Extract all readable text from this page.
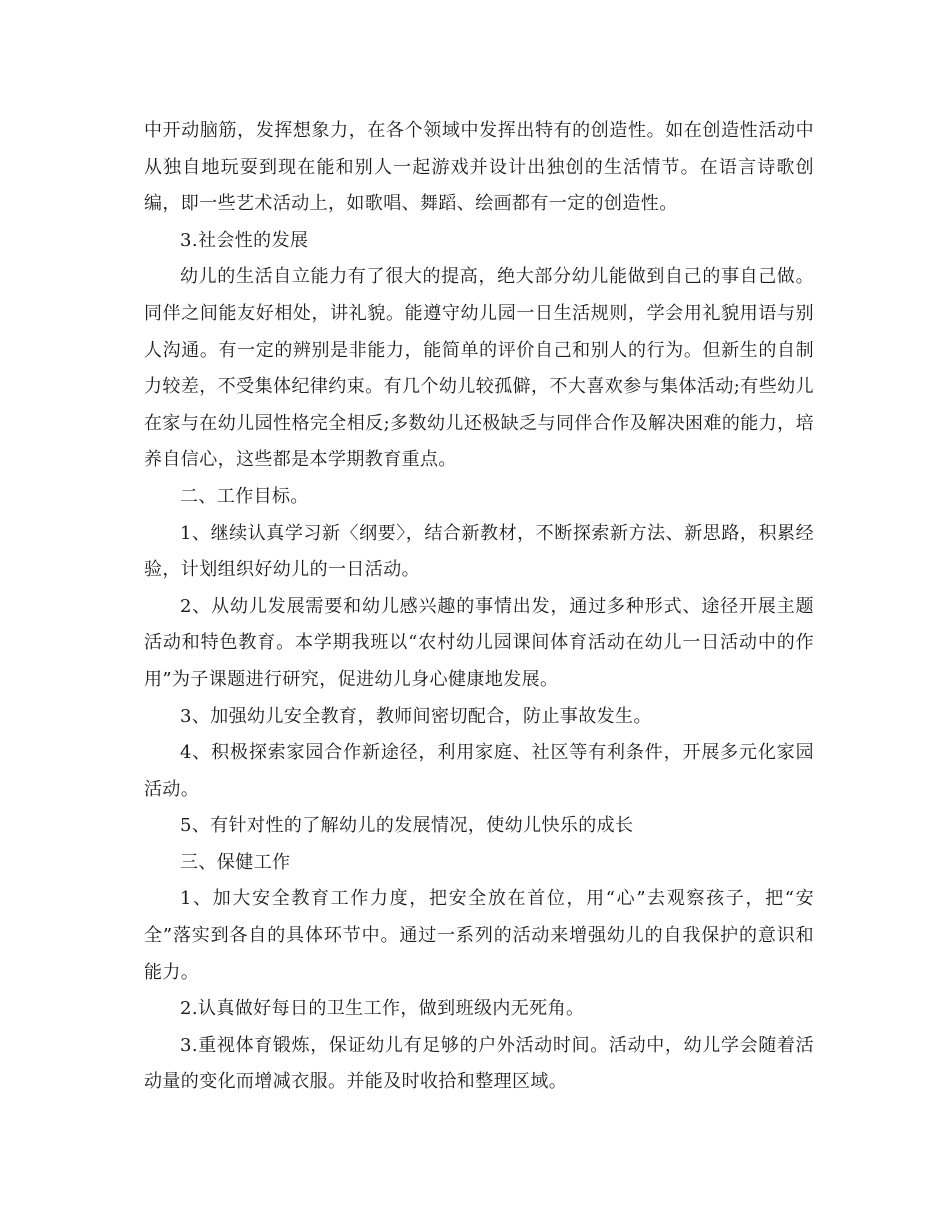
中开动脑筋，发挥想象力，在各个领域中发挥出特有的创造性。如在创造性活动中从独自地玩耍到现在能和别人一起游戏并设计出独创的生活情节。在语言诗歌创编，即一些艺术活动上，如歌唱、舞蹈、绘画都有一定的创造性。

3.社会性的发展

幼儿的生活自立能力有了很大的提高，绝大部分幼儿能做到自己的事自己做。同伴之间能友好相处，讲礼貌。能遵守幼儿园一日生活规则，学会用礼貌用语与别人沟通。有一定的辨别是非能力，能简单的评价自己和别人的行为。但新生的自制力较差，不受集体纪律约束。有几个幼儿较孤僻，不大喜欢参与集体活动;有些幼儿在家与在幼儿园性格完全相反;多数幼儿还极缺乏与同伴合作及解决困难的能力，培养自信心，这些都是本学期教育重点。

二、工作目标。

1、继续认真学习新〈纲要〉，结合新教材，不断探索新方法、新思路，积累经验，计划组织好幼儿的一日活动。

2、从幼儿发展需要和幼儿感兴趣的事情出发，通过多种形式、途径开展主题活动和特色教育。本学期我班以“农村幼儿园课间体育活动在幼儿一日活动中的作用”为子课题进行研究，促进幼儿身心健康地发展。

3、加强幼儿安全教育，教师间密切配合，防止事故发生。

4、积极探索家园合作新途径，利用家庭、社区等有利条件，开展多元化家园活动。

5、有针对性的了解幼儿的发展情况，使幼儿快乐的成长

三、保健工作

1、加大安全教育工作力度，把安全放在首位，用“心”去观察孩子，把“安全”落实到各自的具体环节中。通过一系列的活动来增强幼儿的自我保护的意识和能力。

2.认真做好每日的卫生工作，做到班级内无死角。

3.重视体育锻炼，保证幼儿有足够的户外活动时间。活动中，幼儿学会随着活动量的变化而增减衣服。并能及时收拾和整理区域。
